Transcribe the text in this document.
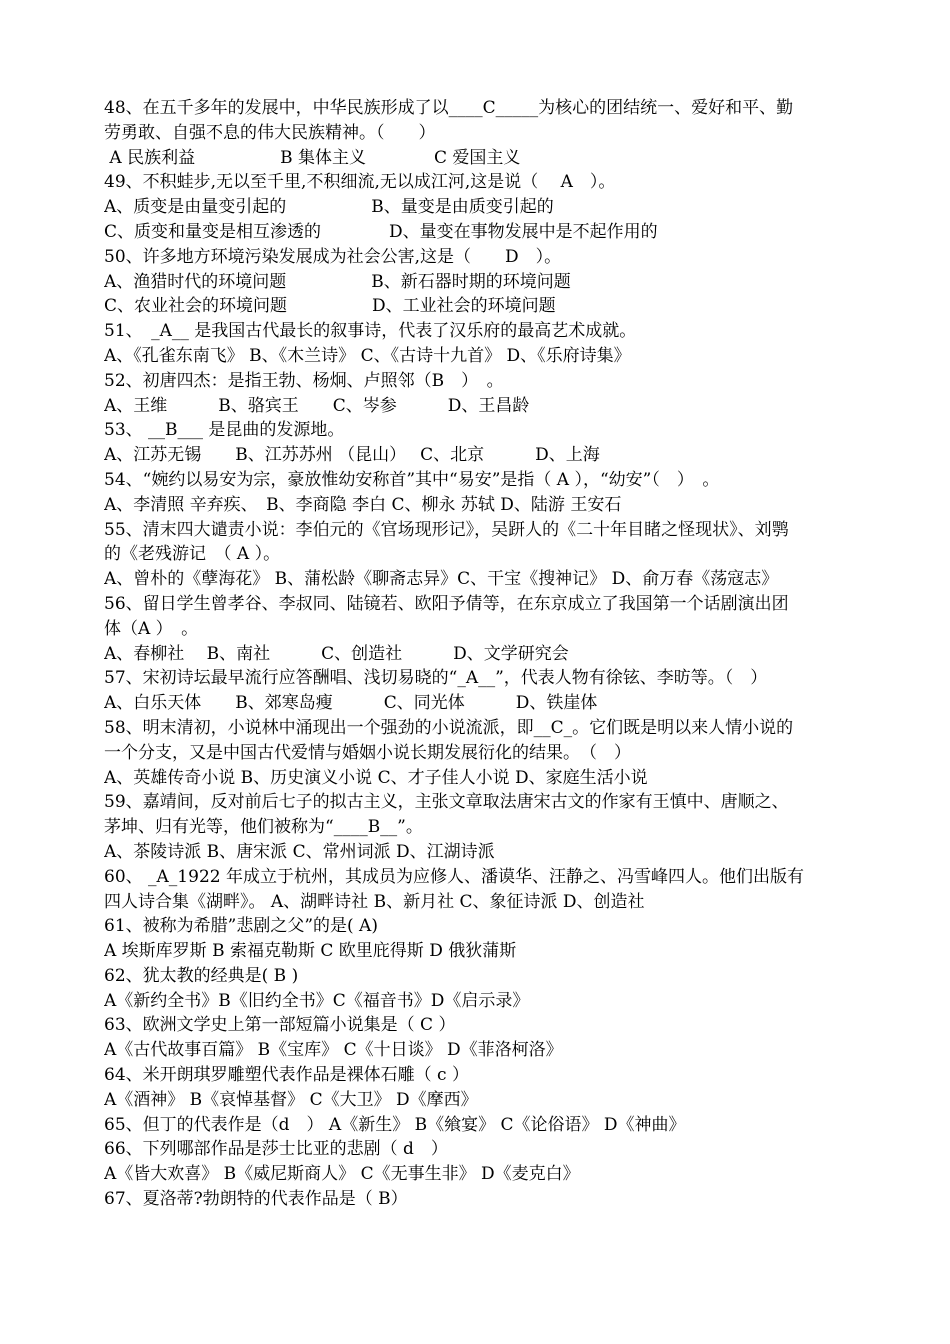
48、在五千多年的发展中，中华民族形成了以____C_____为核心的团结统一、爱好和平、勤
劳勇敢、自强不息的伟大民族精神。（　　）
A 民族利益　　　　　B 集体主义　　　　C 爱国主义
49、不积蛙步,无以至千里,不积细流,无以成江河,这是说（　 A　）。
A、质变是由量变引起的　　　　　B、量变是由质变引起的
C、质变和量变是相互渗透的　　　　D、量变在事物发展中是不起作用的
50、许多地方环境污染发展成为社会公害,这是（　　D　）。
A、渔猎时代的环境问题　　　　　B、新石器时期的环境问题
C、农业社会的环境问题　　　　　D、工业社会的环境问题
51、　_A__ 是我国古代最长的叙事诗，代表了汉乐府的最高艺术成就。
A、《孔雀东南飞》 B、《木兰诗》 C、《古诗十九首》 D、《乐府诗集》
52、初唐四杰：是指王勃、杨炯、卢照邻（B　）　。
A、王维　　　B、骆宾王　　C、岑参　　　D、王昌龄
53、 __B___ 是昆曲的发源地。
A、江苏无锡　　B、江苏苏州 （昆山）　 C、北京　　　D、上海
54、“婉约以易安为宗，豪放惟幼安称首”其中“易安”是指（ A ），“幼安”（　）　。
A、李清照 辛弃疾、　B、李商隐 李白 C、柳永 苏轼 D、陆游 王安石
55、清末四大谴责小说：李伯元的《官场现形记》，吴趼人的《二十年目睹之怪现状》、刘鹗
的《老残游记　（ A ）。
A、曾朴的《孽海花》 B、蒲松龄《聊斋志异》C、干宝《搜神记》 D、俞万春《荡寇志》
56、留日学生曾孝谷、李叔同、陆镜若、欧阳予倩等，在东京成立了我国第一个话剧演出团
体（A ）　。
A、春柳社　 B、南社　　　C、创造社　　　D、文学研究会
57、宋初诗坛最早流行应答酬唱、浅切易晓的“_A__”，代表人物有徐铉、李昉等。（　）
A、白乐天体　　B、郊寒岛瘦　　　C、同光体　　　D、铁崖体
58、明末清初，小说林中涌现出一个强劲的小说流派，即__C_。它们既是明以来人情小说的
一个分支，又是中国古代爱情与婚姻小说长期发展衍化的结果。　（　）
A、英雄传奇小说 B、历史演义小说 C、才子佳人小说 D、家庭生活小说
59、嘉靖间，反对前后七子的拟古主义，主张文章取法唐宋古文的作家有王慎中、唐顺之、
茅坤、归有光等，他们被称为“____B__”。
A、茶陵诗派 B、唐宋派 C、常州词派 D、江湖诗派
60、 _A_1922 年成立于杭州，其成员为应修人、潘谟华、汪静之、冯雪峰四人。他们出版有
四人诗合集《湖畔》。 A、湖畔诗社 B、新月社 C、象征诗派 D、创造社
61、被称为希腊”悲剧之父”的是( A)
A 埃斯库罗斯 B 索福克勒斯 C 欧里庇得斯 D 俄狄蒲斯
62、犹太教的经典是( B )
A《新约全书》B《旧约全书》C《福音书》D《启示录》
63、欧洲文学史上第一部短篇小说集是（ C ）
A《古代故事百篇》 B《宝库》 C《十日谈》 D《菲洛柯洛》
64、米开朗琪罗雕塑代表作品是裸体石雕（ c ）
A《酒神》 B《哀悼基督》 C《大卫》 D《摩西》
65、但丁的代表作是（d　） A《新生》 B《飨宴》 C《论俗语》 D《神曲》
66、下列哪部作品是莎士比亚的悲剧（ d　）
A《皆大欢喜》 B《威尼斯商人》 C《无事生非》 D《麦克白》
67、夏洛蒂?勃朗特的代表作品是（ B）
